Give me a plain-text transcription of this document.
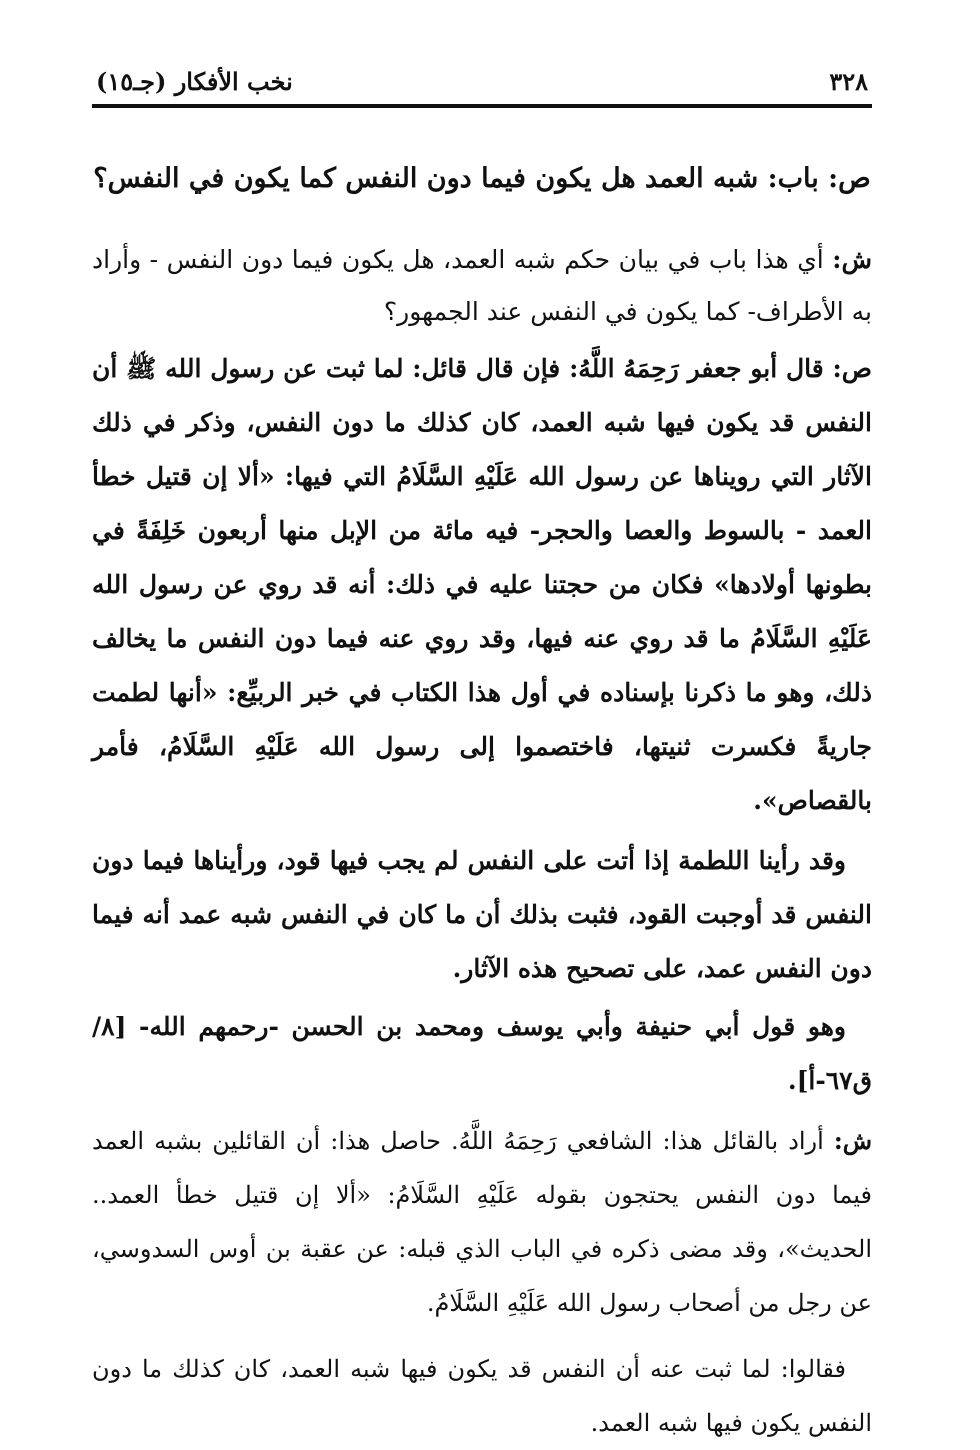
٣٢٨
نخب الأفكار (جـ١٥)
ص: باب: شبه العمد هل يكون فيما دون النفس كما يكون في النفس؟

ش: أي هذا باب في بيان حكم شبه العمد، هل يكون فيما دون النفس - وأراد به الأطراف- كما يكون في النفس عند الجمهور؟

ص: قال أبو جعفر رَحِمَهُ اللَّهُ: فإن قال قائل: لما ثبت عن رسول الله ﷺ أن النفس قد يكون فيها شبه العمد، كان كذلك ما دون النفس، وذكر في ذلك الآثار التي رويناها عن رسول الله عَلَيْهِ السَّلَامُ التي فيها: «ألا إن قتيل خطأ العمد - بالسوط والعصا والحجر- فيه مائة من الإبل منها أربعون خَلِفَةً في بطونها أولادها» فكان من حجتنا عليه في ذلك: أنه قد روي عن رسول الله عَلَيْهِ السَّلَامُ ما قد روي عنه فيها، وقد روي عنه فيما دون النفس ما يخالف ذلك، وهو ما ذكرنا بإسناده في أول هذا الكتاب في خبر الربيِّع: «أنها لطمت جاريةً فكسرت ثنيتها، فاختصموا إلى رسول الله عَلَيْهِ السَّلَامُ، فأمر بالقصاص».

وقد رأينا اللطمة إذا أتت على النفس لم يجب فيها قود، ورأيناها فيما دون النفس قد أوجبت القود، فثبت بذلك أن ما كان في النفس شبه عمد أنه فيما دون النفس عمد، على تصحيح هذه الآثار.

وهو قول أبي حنيفة وأبي يوسف ومحمد بن الحسن -رحمهم الله- [٨/ ق٦٧-أ].

ش: أراد بالقائل هذا: الشافعي رَحِمَهُ اللَّهُ. حاصل هذا: أن القائلين بشبه العمد فيما دون النفس يحتجون بقوله عَلَيْهِ السَّلَامُ: «ألا إن قتيل خطأ العمد.. الحديث»، وقد مضى ذكره في الباب الذي قبله: عن عقبة بن أوس السدوسي، عن رجل من أصحاب رسول الله عَلَيْهِ السَّلَامُ.

فقالوا: لما ثبت عنه أن النفس قد يكون فيها شبه العمد، كان كذلك ما دون النفس يكون فيها شبه العمد.
